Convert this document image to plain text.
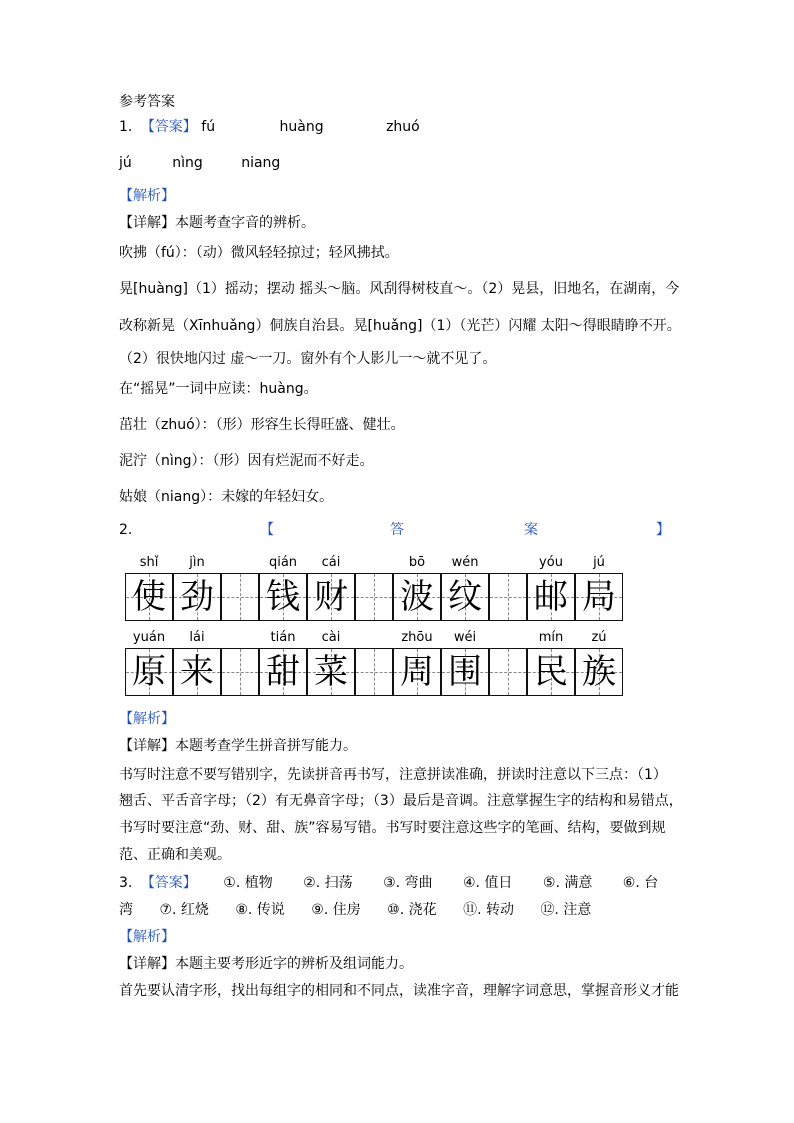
参考答案
1. 【答案】 fú	huàng	zhuó
jú	nìng	niang
【解析】
【详解】本题考查字音的辨析。
吹拂（fú）：（动）微风轻轻掠过；轻风拂拭。
晃[huàng]（1）摇动；摆动 摇头～脑。风刮得树枝直～。（2）晃县，旧地名，在湖南，今
改称新晃（Xīnhuǎng）侗族自治县。晃[huǎng]（1）（光芒）闪耀 太阳～得眼睛睁不开。
（2）很快地闪过 虚～一刀。窗外有个人影儿一～就不见了。
在“摇晃”一词中应读：huàng。
茁壮（zhuó）：（形）形容生长得旺盛、健壮。
泥泞（nìng）：（形）因有烂泥而不好走。
姑娘（niang）：未嫁的年轻妇女。
2.	【	答	案	】
shǐ	jìn	qián	cái	bō	wén	yóu	jú
使 劲 钱 财 波 纹 邮 局
yuán	lái	tián	cài	zhōu	wéi	mín	zú
原 来 甜 菜 周 围 民 族
【解析】
【详解】本题考查学生拼音拼写能力。
书写时注意不要写错别字，先读拼音再书写，注意拼读准确，拼读时注意以下三点：（1）
翘舌、平舌音字母；（2）有无鼻音字母；（3）最后是音调。注意掌握生字的结构和易错点，
书写时要注意“劲、财、甜、族”容易写错。书写时要注意这些字的笔画、结构，要做到规
范、正确和美观。
3. 【答案】 ①. 植物 ②. 扫荡 ③. 弯曲 ④. 值日 ⑤. 满意 ⑥. 台
湾 ⑦. 红烧 ⑧. 传说 ⑨. 住房 ⑩. 浇花 ⑪. 转动 ⑫. 注意
【解析】
【详解】本题主要考形近字的辨析及组词能力。
首先要认清字形，找出每组字的相同和不同点，读准字音，理解字词意思，掌握音形义才能
